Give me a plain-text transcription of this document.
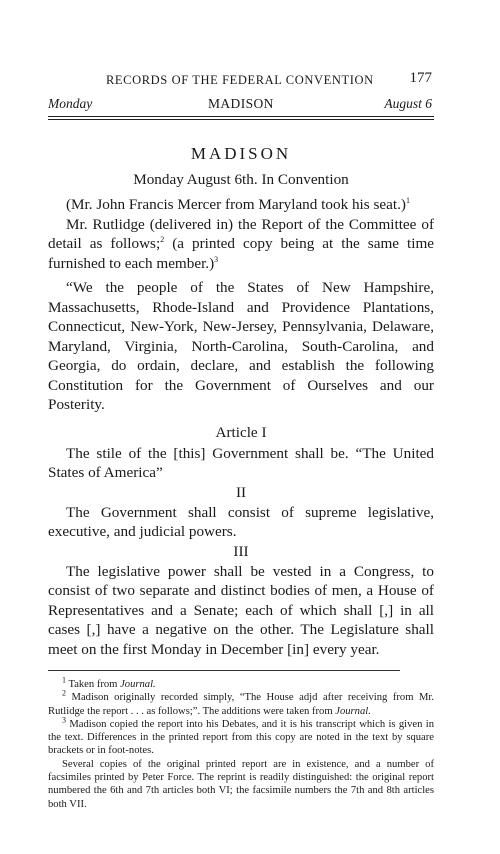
RECORDS OF THE FEDERAL CONVENTION 177
Monday	MADISON	August 6
MADISON
Monday August 6th. In Convention

(Mr. John Francis Mercer from Maryland took his seat.)$^1$

Mr. Rutlidge (delivered in) the Report of the Committee of detail as follows;$^2$ (a printed copy being at the same time furnished to each member.)$^3$

“We the people of the States of New Hampshire, Massachusetts, Rhode-Island and Providence Plantations, Connecticut, New-York, New-Jersey, Pennsylvania, Delaware, Maryland, Virginia, North-Carolina, South-Carolina, and Georgia, do ordain, declare, and establish the following Constitution for the Government of Ourselves and our Posterity.

Article I

The stile of the [this] Government shall be. “The United States of America”

II

The Government shall consist of supreme legislative, executive, and judicial powers.

III

The legislative power shall be vested in a Congress, to consist of two separate and distinct bodies of men, a House of Representatives and a Senate; each of which shall [,] in all cases [,] have a negative on the other. The Legislature shall meet on the first Monday in December [in] every year.

$^1$ Taken from Journal.

$^2$ Madison originally recorded simply, “The House adjd after receiving from Mr. Rutlidge the report . . . as follows;”. The additions were taken from Journal.

$^3$ Madison copied the report into his Debates, and it is his transcript which is given in the text. Differences in the printed report from this copy are noted in the text by square brackets or in foot-notes.

Several copies of the original printed report are in existence, and a number of facsimiles printed by Peter Force. The reprint is readily distinguished: the original report numbered the 6th and 7th articles both VI; the facsimile numbers the 7th and 8th articles both VII.
